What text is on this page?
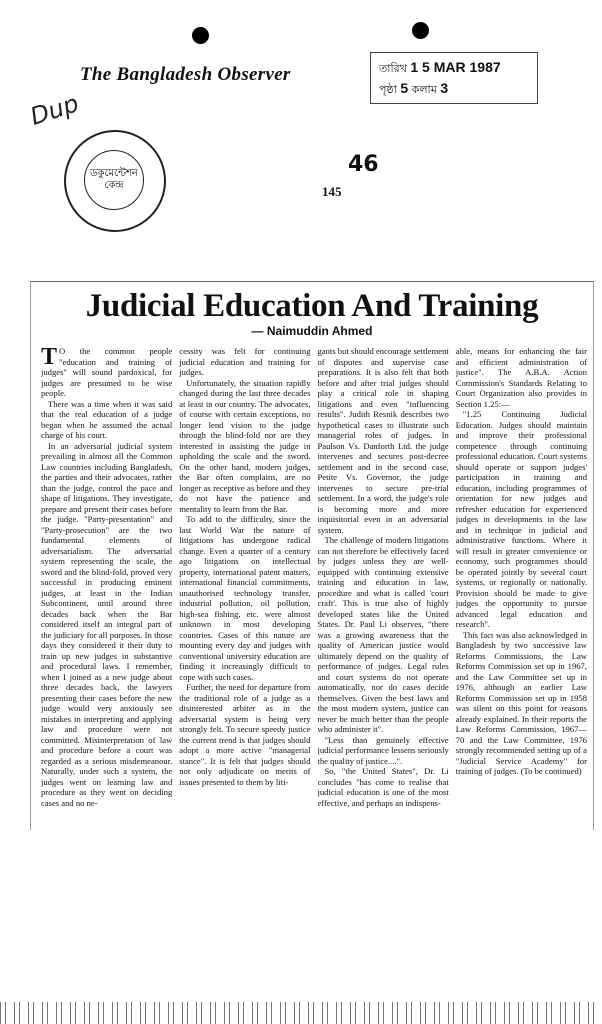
The Bangladesh Observer
Dup
তারিখ 1 5 MAR 1987
পৃষ্ঠা 5 কলাম 3
ডকুমেন্টেশন কেন্দ্র
46
145
Judicial Education And Training
— Naimuddin Ahmed

T O the common people "education and training of judges" will sound pardoxical, for judges are presumed to be wise people.

There was a time when it was said that the real education of a judge began when he assumed the actual charge of his court.

In an adversarial judicial system prevailing in almost all the Common Law countries including Bangladesh, the parties and their advocates, rather than the judge, control the pace and shape of litigations. They investigate, prepare and present their cases before the judge. "Party-presentation" and "Party-prosecution" are the two fundamental elements of adversarialism. The adversarial system representing the scale, the sword and the blind-fold, proved very successful in producing eminent judges, at least in the Indian Subcontinent, until around three decades back when the Bar considered itself an integral part of the judiciary for all purposes. In those days they considered it their duty to train up new judges in substantive and procedural laws. I remember, when I joined as a new judge about three decades back, the lawyers presenting their cases before the new judge would very anxiously see mistakes in interpreting and applying law and procedure were not committed. Misinterpretation of law and procedure before a court was regarded as a serious misdemeanour. Naturally, under such a system, the judges went on learning law and procedure as they went on deciding cases and no ne-

cessity was felt for continuing judicial education and training for judges.

Unfortunately, the situation rapidly changed during the last three decades at least in our country. The advocates, of course with certain exceptions, no longer lend vision to the judge through the blind-fold nor are they interested in assisting the judge in upholding the scale and the sword. On the other hand, modern judges, the Bar often complains, are no longer as receptive as before and they do not have the patience and mentality to learn from the Bar.

To add to the difficulty, since the last World War the nature of litigations has undergone radical change. Even a quarter of a century ago litigations on intellectual property, international patent matters, international financial commitments, unauthorised technology transfer, industrial pollution, oil pollution, high-sea fishing, etc. were almost unknown in most developing countries. Cases of this nature are mounting every day and judges with conventional university education are finding it increasingly difficult to cope with such cases.

Further, the need for departure from the traditional role of a judge as a disinterested arbiter as in the adversarial system is being very strongly felt. To secure speedy justice the current trend is that judges should adopt a more active "managerial stance". It is felt that judges should not only adjudicate on merits of issues presented to them by liti-

gants but should encourage settlement of disputes and supervise case preparations. It is also felt that both before and after trial judges should play a critical role in shaping litigations and even "influencing results". Judith Resnik describes two hypothetical cases to illustrate such managerial roles of judges. In Paulson Vs. Danforth Ltd. the judge intervenes and secures post-decree settlement and in the second case, Petite Vs. Governor, the judge intervenes to secure pre-trial settlement. In a word, the judge's role is becoming more and more inquisitorial even in an adversarial system.

The challenge of modern litigations can not therefore be effectively faced by judges unless they are well-equipped with continuing extensive training and education in law, procedure and what is called 'court craft'. This is true also of highly developed states like the United States. Dr. Paul Li observes, "there was a growing awareness that the quality of American justice would ultimately depend on the quality of performance of judges. Legal rules and court systems do not operate automatically, nor do cases decide themselves. Given the best laws and the most modern system, justice can never be much better than the people who administer it".

"Less than genuinely effective judicial performance lessens seriously the quality of justice....".

So, "the United States", Dr. Li concludes "has come to realise that judicial education is one of the most effective, and perhaps an indispens-

able, means for enhancing the fair and efficient administration of justice". The A.B.A. Action Commission's Standards Relating to Court Organization also provides in Section 1.25:—

"1.25 Continuing Judicial Education. Judges should maintain and improve their professional competence through continuing professional education. Court systems should operate or support judges' participation in training and education, including programmes of orientation for new judges and refresher education for experienced judges in developments in the law and in technique in judicial and administrative functions. Where it will result in greater convenience or economy, such programmes should be operated jointly by several court systems, or regionally or nationally. Provision should be made to give judges the opportunity to pursue advanced legal education and research".

This fact was also acknowledged in Bangladesh by two successive law Reforms Commissions, the Law Reforms Commission set up in 1967, and the Law Committee set up in 1976, although an earlier Law Reforms Commission set up in 1958 was silent on this point for reasons already explained. In their reports the Law Reforms Commission, 1967—70 and the Law Committee, 1976 strongly recommended setting up of a "Judicial Service Academy" for training of judges. (To be continued)
